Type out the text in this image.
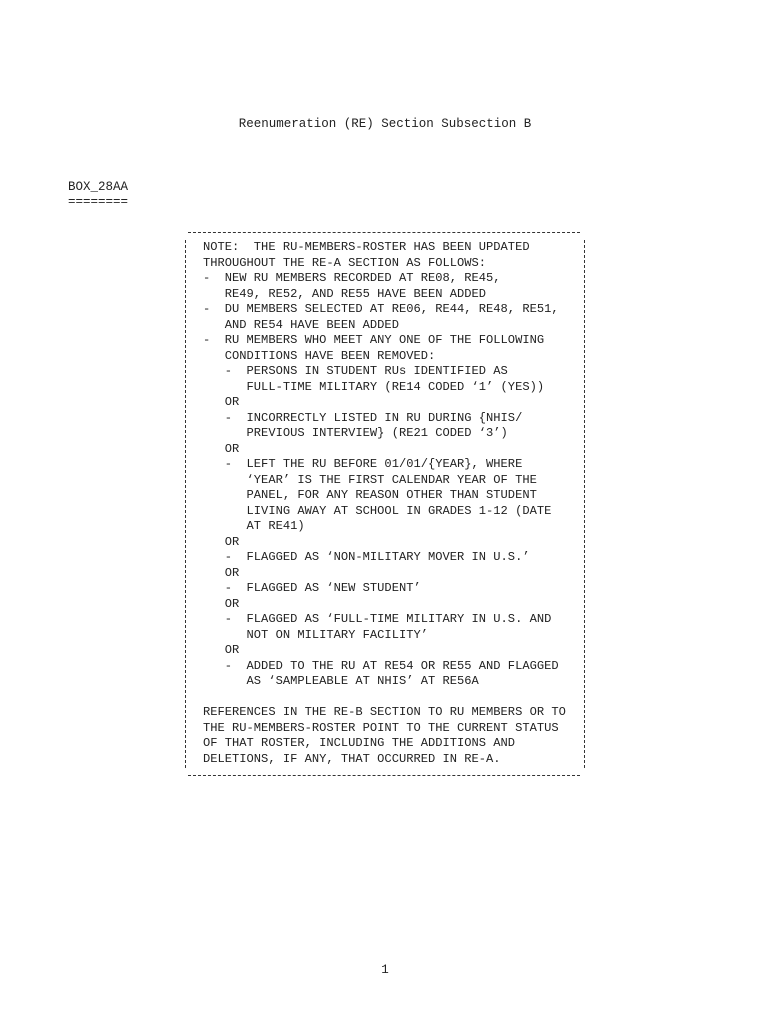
Reenumeration (RE) Section Subsection B
BOX_28AA
========
NOTE:  THE RU-MEMBERS-ROSTER HAS BEEN UPDATED
THROUGHOUT THE RE-A SECTION AS FOLLOWS:
-  NEW RU MEMBERS RECORDED AT RE08, RE45,
RE49, RE52, AND RE55 HAVE BEEN ADDED
-  DU MEMBERS SELECTED AT RE06, RE44, RE48, RE51,
AND RE54 HAVE BEEN ADDED
-  RU MEMBERS WHO MEET ANY ONE OF THE FOLLOWING
CONDITIONS HAVE BEEN REMOVED:
-  PERSONS IN STUDENT RUs IDENTIFIED AS
FULL-TIME MILITARY (RE14 CODED ‘1’ (YES))
OR
-  INCORRECTLY LISTED IN RU DURING {NHIS/
PREVIOUS INTERVIEW} (RE21 CODED ‘3’)
OR
-  LEFT THE RU BEFORE 01/01/{YEAR}, WHERE
‘YEAR’ IS THE FIRST CALENDAR YEAR OF THE
PANEL, FOR ANY REASON OTHER THAN STUDENT
LIVING AWAY AT SCHOOL IN GRADES 1-12 (DATE
AT RE41)
OR
-  FLAGGED AS ‘NON-MILITARY MOVER IN U.S.’
OR
-  FLAGGED AS ‘NEW STUDENT’
OR
-  FLAGGED AS ‘FULL-TIME MILITARY IN U.S. AND
NOT ON MILITARY FACILITY’
OR
-  ADDED TO THE RU AT RE54 OR RE55 AND FLAGGED
AS ‘SAMPLEABLE AT NHIS’ AT RE56A
REFERENCES IN THE RE-B SECTION TO RU MEMBERS OR TO
THE RU-MEMBERS-ROSTER POINT TO THE CURRENT STATUS
OF THAT ROSTER, INCLUDING THE ADDITIONS AND
DELETIONS, IF ANY, THAT OCCURRED IN RE-A.
1
